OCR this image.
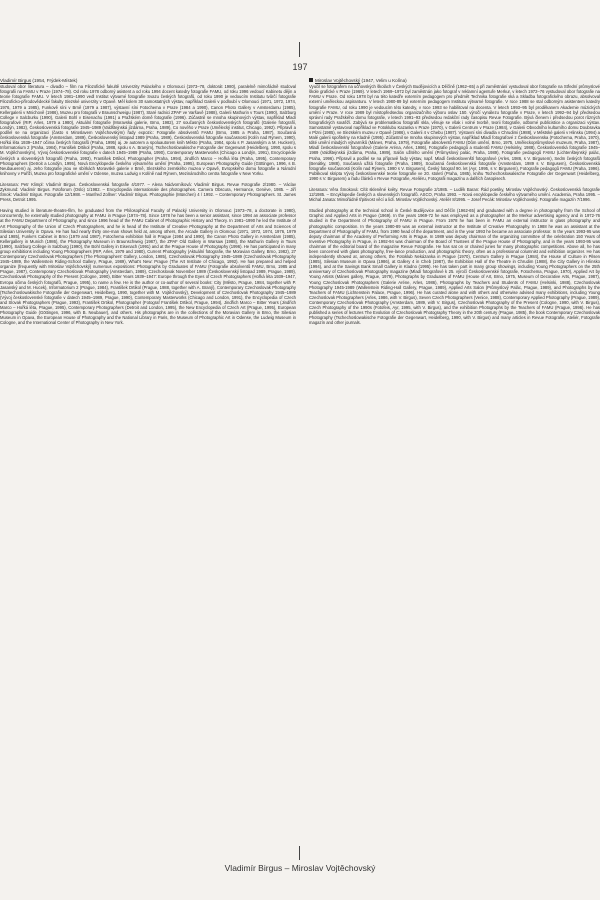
197
Vladimír Birgus (1954, Frýdek-Místek)

studoval obor literatura – divadlo – film na Filozofické fakultě Univerzity Palackého v Olomouci (1973–78, doktorát 1980), paralelně mimořádně studoval fotografii na FAMU v Praze (1974–78). Od roku 1978 odborný asistent a od roku 1994 docent katedry fotografie FAMU, od roku 1996 vedoucí Kabinetu dějin a teorie fotografie FAMU. V letech 1981–1990 vedl Institut výtvarné fotografie Svazu českých fotografů, od roku 1990 je vedoucím Institutu tvůrčí fotografie Filozoficko-přírodovědecké fakulty Slezské univerzity v Opavě. Měl kolem 30 samostatných výstav, například Galerii v podloubí v Olomouci (1971, 1972, 1974, 1976, 1979 a 1985), Funkově síni v Brně (1979 a 1987), výstavní síni Fotochema v Praze (1984 a 1990), Canon Photo Gallery v Amsterdamu (1985), Kellergalerii v Mnichově (1986), Muzeu pro fotografii v Braunschweigu (1987), Staré radnici ZPAF ve Varšavě (1988), Galerii Mathurin v Tours (1990), Salzburg College v Salcburku (1990), Galerii Bohl v Eisenachu (1991) a Pražském domě fotografie (1996). Zúčastnil se mnoha skupinových výstav, například Mladí fotografové (RIP, Arles, 1979 a 1980), Aktuální fotografie (Moravská galerie, Brno, 1982), 27 současných československých fotografů (Galerie fotografií, Londýn, 1982), Československá fotografie 1945–1989 (Valdštejnská jízdárna, Praha, 1989), Co nového v Praze (Umělecký institut, Chicago, 1992). Připravil a podílel se na organizaci (často s Miroslavem Vojtěchovským) řady expozic: Fotografie absolventů FAMU (Brno, 1985 a Praha, 1987), Současná československá fotografie (Amsterdam, 1989), Československý listopad 1989 (Praha, 1989), Československá fotografie současnosti (Kolín nad Rýnem, 1990), Hořká léta 1939–1947 očima českých fotografů (Praha, 1995) aj. Je autorem a spoluautorem knih Město (Praha, 1984, spolu s P. Jasanským a M. Huckem), Informatorium 2 (Praha, 1984), František Drtikol (Praha, 1988, spolu s A. Braným), Tschechoslowakische Fotografie der Gegenwart (Heidelberg, 1990, spolu s M. Vojtěchovským), Vývoj československé fotografie v datech 1945–1989 (Praha, 1990), Contemporary Masterworks (Chicago a Londýn, 1991), Encyclopédie českých a slovenských fotografů (Praha, 1993), František Drtikol, Photographer (Praha, 1994), Jindřich Marco – Hořká léta (Praha, 1995), Contemporary Photographers (Detroit a Londýn, 1995), Nová Encyklopedie českého výtvarného umění (Praha, 1995), European Photography Guide (Göttingen, 1996, s B. Neubauerem) aj. Jeho fotografie jsou ve sbírkách Moravské galerie v Brně, Slezského zemského muzea v Opavě, Evropského domu fotografie a Národní knihovny v Paříži, Muzea pro fotografické umění v Odense, muzea Ludwig v Kolíně nad Rýnem, Mezinárodního centra fotografie v New Yorku.

Literatura: Petr Klimpl: Vladimír Birgus. Československá fotografie 4/1977. – Alena Nádvorníková: Vladimír Birgus. Revue Fotografie 2/1980. – Václav Zykmund: Vladimír Birgus. Fotoforum (Oslo) 1/1982. – Encyclopedia internationale des photographes. Camera Obscura, Hermance, Genève, 1985. – Jiří Šmok: Vladimír Birgus. Fotografie 12/1988. – Manfred Zollner: Vladimír Birgus. Photographie (München) 4 / 1992. – Contemporary Photographers. St. James Press, Detroit 1995.

Having studied in literature-theatre-film, he graduated from the Philosophical Faculty of Palacký University in Olomouc (1973–78, a doctorate in 1980), concurrently, he externally studied photography at FAMU in Prague (1974–78). Since 1978 he has been a senior assistant, since 1994 an associate professor at the FAMU Department of Photography, and since 1996 head of the FAMU Cabinet of Photographic History and Theory. In 1981–1990 he led the Institute of Art Photography of the Union of Czech Photographers, and he is head of the Institute of Creative Photography at the Department of Arts and Sciences of Silesian University in Opava. He has had nearly thirty one-man shows held at, among others, the Arcade Gallery in Olomouc (1971, 1972, 1974, 1976, 1979 and 1985), Funke's Cabinet in Brno (1979 and 1987), Fotochema exhibition hall in Prague (1984 and 1990), the Canon Photo Gallery in Amsterdam (1985), Kellergallery in Munich (1986), the Photography Museum in Braunschweig (1987), the ZPAF Old Gallery in Warsaw (1988), the Mathurin Gallery in Tours (1990), Salzburg College in Salzburg (1990), the Bohl Gallery in Eisenach (1991) and at the Prague House of Photography (1996). He has participated in many group exhibitions including Young Photographers (RIP, Arles, 1979 and 1980), Current Photography (Aktuální fotografie, the Moravian Gallery, Brno, 1982), 27 Contemporary Czechoslovak Photographers (The Photographers' Gallery, London, 1985), Czechoslovak Photography 1945–1989 (Czechoslovak Photography 1945–1989, the Wallenstein Riding-School Gallery, Prague, 1989), What's New: Prague (The Art Institute of Chicago, 1992). He has prepared and helped organize (frequently with Miroslav Vojtěchovský) numerous expositions: Photographs by Graduates of FAMU (Fotografie absolventů FAMU, Brno, 1985 and Prague, 1987), Contemporary Czechoslovak Photography (Amsterdam, 1989), Czechoslovak November 1989 (Československý listopad 1989, Prague, 1989), Czechoslovak Photography of the Present (Cologne, 1990), Bitter Years 1939–1947: Europe through the Eyes of Czech Photographers (Hořká léta 1939–1947, Evropa očima českých fotografů, Prague, 1995), to name a few. He is the author or co-author of several books: City (Město, Prague, 1984, together with P. Jasanský and M. Hucek), Informatorium 2 (Prague, 1984), František Drtikol (Prague, 1988, together with A. Braný), Contemporary Czechoslovak Photography (Tschechoslowakische Fotografie der Gegenwart, Heidelberg, 1990, together with M. Vojtěchovský), Development of Czechoslovak Photography 1945–1989 (Vývoj československé fotografie v datech 1945–1989, Prague, 1990), Contemporary Masterworks (Chicago and London, 1991), the Encyclopedia of Czech and Slovak Photographers (Prague, 1993), František Drtikol, Photographer (Fotograf František Drtikol, Prague, 1994), Jindřich Marco – Bitter Years (Jindřich Marco – Hořká léta, Prague, 1995), Contemporary Photographers (Detroit and London, 1995), the New Encyclopedia of Czech Art (Prague, 1995), European Photography Guide (Göttingen, 1996, with B. Neubauer), and others. His photographs are in the collections of the Moravian Gallery in Brno, the Silesian Museum in Opava, the European House of Photography and the National Library in Paris, the Museum of Photographic Art in Odense, the Ludwig Museum in Cologne, and the International Center of Photography in New York.

Miroslav Vojtěchovský (1947, Velim u Kolína)

Vyučil se fotografem na učňovských školách v Českých Budějovicích a Děčíně (1962–65) a při zaměstnání vystudoval obor fotografie na Střední průmyslové škole grafické v Praze (1969). V letech 1969–1972 byl zaměstnán jako fotograf v reklamní agentuře Merkur, v letech 1972–76 vystudoval obor fotografie na FAMU v Praze. Od roku 1978 byl na této katedře externím pedagogem pro předmět Technika fotografie ská a Skladba fotografického obrazu, absolvoval externí uměleckou aspiranturu. V letech 1980-89 byl externím pedagogem Institutu výtvarné fotografie. V roce 1988 se stal odborným asistentem katedry fotografie FAMU, od roku 1990 je vedoucím této katedry, v roce 1993 se habilitoval na docenta. V letech 1993–95 byl proděkanem Akademie múzických umění v Praze. V roce 1989 byl místopředsedou organizačního výboru oslav 150. výročí vynálezu fotografie v Praze, v letech 1992–94 byl předsedou správní rady Pražského domu fotografie, v letech 1991–93 předsedou redakční rady časopisu Revue Fotografie. Bývá členem i předsedou porot různých fotografických soutěží. Zabývá se problematikou fotografií skla, věnuje se však i volné tvorbě, teorii fotografie, odborné publicistice a organizaci výstav. Samostatně vystavoval například ve Fotoklubu Kazanka v Praze (1970), v Galerii Centrum v Praze (1984), v Galerii Obvodního kulturního domu Doubravka v Plzni (1985), ve Slezském muzeu v Opavě (1986), v Galerii 4 v Chebu (1987). Výstavní síni divadla v Chrudimi (1988), v Městské galerii v Hlinsku (1994) a Malé galerii spořitelny na Kladně (1995). Zúčastnil se mnoha skupinových výstav, například Mladí fotografové z Československa (Fotochema, Praha, 1970), Idité umění mladých výtvarníků (Mánes, Praha, 1979), Fotografie absolventů FAMU (Dům umění, Brno, 1975, Uměleckoprůmyslové muzeum, Praha, 1987), Mladí československí fotografové (Galerie Aréna, Arles, 1986), Fotografie pedagogů a studentů FAMU (Helsinky, 1988), Československá fotografie 1945–1989 (Valdštejnská jízdárna, Praha, 1989), Salón užitého umění (Průmyslový palác, Praha, 1989), Fotografie pedagogů FAMU (Lichtenštejnský palác, Praha, 1996). Připravil a podílel se na přípravě řady výstav, např. Mladí českoslovenští fotografové (Arles, 1986, s V. Birgusem), Sedm českých fotografů (Benátky, 1988), Současná užitá fotografie (Praha, 1989), Současná československá fotografie (Amsterdam, 1989 s V. Birgusem), Československá fotografie současnosti (Kolín nad Rýnem, 1990 s V. Birgusem), Český fotograf 90. let (Ayr, 1995, s V. Birgusem), Fotografie pedagogů FAMU (Praha, 1996). Publikoval skripta Vývoj československé teorie fotografie ve 20. století (Praha, 1985), knihu Tschechoslowakische Fotografie der Gegenwart (Heidelberg, 1990 s V. Birgusem) a řadu článků v Revue Fotografie, Ateliéru, Fotografii magazínu a dalších časopisech.

Literatura: Věra Šmoková: Cítit skleněné květy. Revue Fotografie 2/1985. – Luděk Baran: Řád poetiky, Miroslav Vojtěchovský. Československá fotografie 12/1985. – Encyklopedie českých a slovenských fotografů. ASCO, Praha 1993. – Nová encyklopedie českého výtvarného umění. Academia, Praha 1995. – Michal Janata: Mimořádně třpitivost věcí a lidí. Miroslav Vojtěchovský. Ateliér 8/1995. – Josef Pecák: Miroslav Vojtěchovský. Fotografie magazín 7/1996.

Studied photography at the technical school in České Budějovice and Děčín (1962-65) and graduated with a degree in photography from the School of Graphic and Applied Arts in Prague (1969). In the years 1969-72 he was employed as a photographer at the Merkur advertising agency and in 1972-76 studied in the Department of Photography of FAMU in Prague. From 1978 he has been in FAMU an external instructor in glass photography and photographic composition. In the years 1980-89 was an external instructor at the Institute of Creative Photography. In 1988 he was an assistant at the Department of Photography of FAMU, from 1990 head of the department, and in the year 1993 he became an associate professor. In the years 1993-95 was deputy chairman of the Academy of Performing Arts in Prague. In 1989 was deputy chairman of the organizing committee of the celebration 150 Years of Inventive Photography in Prague, in 1992-94 was chairman of the Board of Trustees of the Prague House of Photography, and in the years 1993-95 was chairman of the editorial board of the magazine Revue Fotografie. He has sat on or chaired juries for many photographic competitions. Above all, he has been concerned with glass photography, free-lance production, and photographic theory, often as a professional columnist and exhibition organizer. He has independently showed at, among others, the Fotoklub Nekázanka in Prague (1970), Centrum Gallery in Prague (1984), the House of Culture in Pilsen (1985), Silesian Museum in Opava (1986), at Gallery 4 in Cheb (1987), the Exhibition Hall of the Theatre in Chrudim (1988), the City Gallery in Hlinsko (1994), and at the Savings Bank Small Gallery in Kladno (1995). He has taken part in many group showings, including Young Photographers on the 25th anniversary of Czechoslovak Photography magazine (Mladí fotografové k 25. výročí Československé fotografie, Fotochema, Prague, 1970), Applied Art by Young Artists (Mánes gallery, Prague, 1979), Photographs by Graduates of FAMU (House of Art, Brno, 1975, Museum of Decorative Arts, Prague, 1987), Young Czechoslovak Photographers (Galerie Aréne, Arles, 1986), Photographs by Teachers and Students of FAMU (Helsinki, 1988), Czechoslovak Photography 1945-1989 (Wallenstein Riding-Hall Gallery, Prague, 1989), Applied Arts Salon (Průmyslový Palác, Prague, 1989), and Photographs by the Teachers of FAMU (Lichtenstein Palace, Prague, 1996). He has curated alone and with others and otherwise advised many exhibitions, including Young Czechoslovak Photographers (Arles, 1986, with V. Birgus), Seven Czech Photographers (Venice, 1988), Contemporary Applied Photography (Prague, 1989), Contemporary Czechoslovak Photography (Amsterdam, 1989, with V. Birgus), Czechoslovak Photography of the Present (Cologne, 1990, with V. Birgus), Czech Photography of the 1990s (Fotofeis, Ayr, 1995, with V. Birgus), and the exhibition Photographs by the Teachers of FAMU (Prague, 1996). He has published a series of lectures The Evolution of Czechoslovak Photography Theory in the 20th century (Prague, 1985), the book Contemporary Czechoslovak Photography (Tschechoslowakische Fotografie der Gegenwart, Heidelberg, 1990, with V. Birgus) and many articles in Revue Fotografie, Ateliér, Fotografie magazín and other journals.

Vladimír Birgus – Miroslav Vojtěchovský
